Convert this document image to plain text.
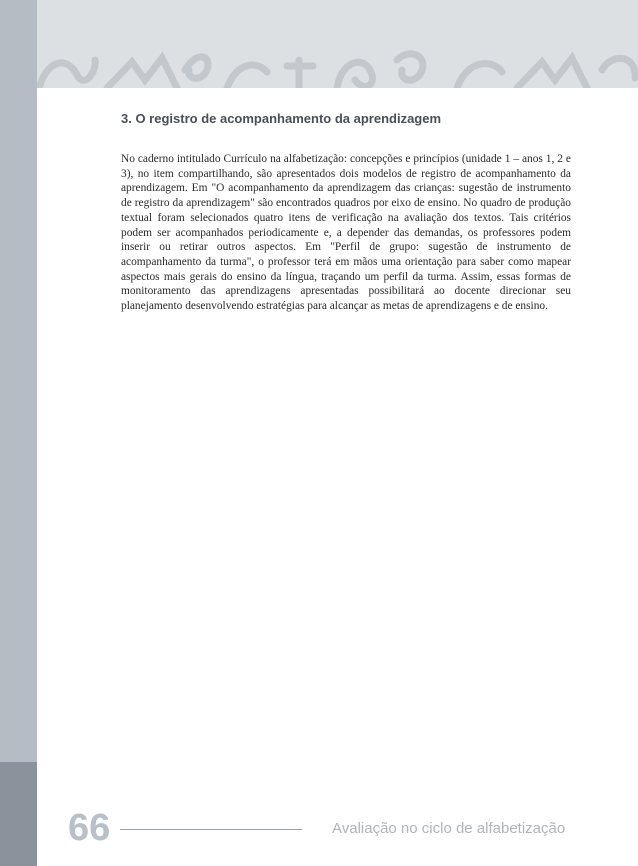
3. O registro de acompanhamento da aprendizagem

No caderno intitulado Currículo na alfabetização: concepções e princípios (unidade 1 – anos 1, 2 e 3), no item compartilhando, são apresentados dois modelos de registro de acompanhamento da aprendizagem. Em "O acompanhamento da aprendizagem das crianças: sugestão de instrumento de registro da aprendizagem" são encontrados quadros por eixo de ensino. No quadro de produção textual foram selecionados quatro itens de verificação na avaliação dos textos. Tais critérios podem ser acompanhados periodicamente e, a depender das demandas, os professores podem inserir ou retirar outros aspectos. Em "Perfil de grupo: sugestão de instrumento de acompanhamento da turma", o professor terá em mãos uma orientação para saber como mapear aspectos mais gerais do ensino da língua, traçando um perfil da turma. Assim, essas formas de monitoramento das aprendizagens apresentadas possibilitará ao docente direcionar seu planejamento desenvolvendo estratégias para alcançar as metas de aprendizagens e de ensino.

66	Avaliação no ciclo de alfabetização
